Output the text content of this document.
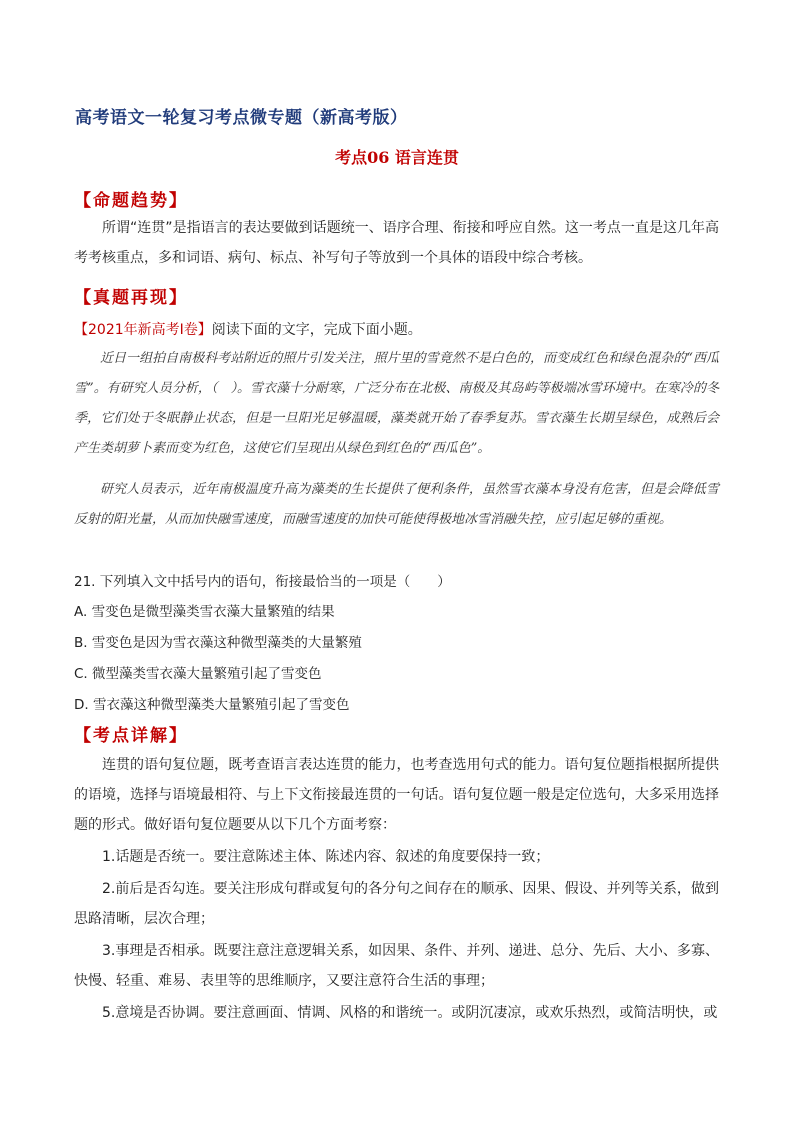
高考语文一轮复习考点微专题（新高考版）
考点06 语言连贯
【命题趋势】

所谓“连贯”是指语言的表达要做到话题统一、语序合理、衔接和呼应自然。这一考点一直是这几年高考考核重点，多和词语、病句、标点、补写句子等放到一个具体的语段中综合考核。

【真题再现】
【2021年新高考Ⅰ卷】阅读下面的文字，完成下面小题。

近日一组拍自南极科考站附近的照片引发关注，照片里的雪竟然不是白色的，而变成红色和绿色混杂的“西瓜雪”。有研究人员分析，（　）。雪衣藻十分耐寒，广泛分布在北极、南极及其岛屿等极端冰雪环境中。在寒冷的冬季，它们处于冬眠静止状态，但是一旦阳光足够温暖，藻类就开始了春季复苏。雪衣藻生长期呈绿色，成熟后会产生类胡萝卜素而变为红色，这使它们呈现出从绿色到红色的“西瓜色”。

研究人员表示，近年南极温度升高为藻类的生长提供了便利条件，虽然雪衣藻本身没有危害，但是会降低雪反射的阳光量，从而加快融雪速度，而融雪速度的加快可能使得极地冰雪消融失控，应引起足够的重视。

21. 下列填入文中括号内的语句，衔接最恰当的一项是（　　）
A. 雪变色是微型藻类雪衣藻大量繁殖的结果
B. 雪变色是因为雪衣藻这种微型藻类的大量繁殖
C. 微型藻类雪衣藻大量繁殖引起了雪变色
D. 雪衣藻这种微型藻类大量繁殖引起了雪变色
【考点详解】

连贯的语句复位题，既考查语言表达连贯的能力，也考查选用句式的能力。语句复位题指根据所提供的语境，选择与语境最相符、与上下文衔接最连贯的一句话。语句复位题一般是定位选句，大多采用选择题的形式。做好语句复位题要从以下几个方面考察：

1.话题是否统一。要注意陈述主体、陈述内容、叙述的角度要保持一致；

2.前后是否勾连。要关注形成句群或复句的各分句之间存在的顺承、因果、假设、并列等关系，做到思路清晰，层次合理；

3.事理是否相承。既要注意注意逻辑关系，如因果、条件、并列、递进、总分、先后、大小、多寡、快慢、轻重、难易、表里等的思维顺序，又要注意符合生活的事理；

5.意境是否协调。要注意画面、情调、风格的和谐统一。或阴沉凄凉，或欢乐热烈，或简洁明快，或
